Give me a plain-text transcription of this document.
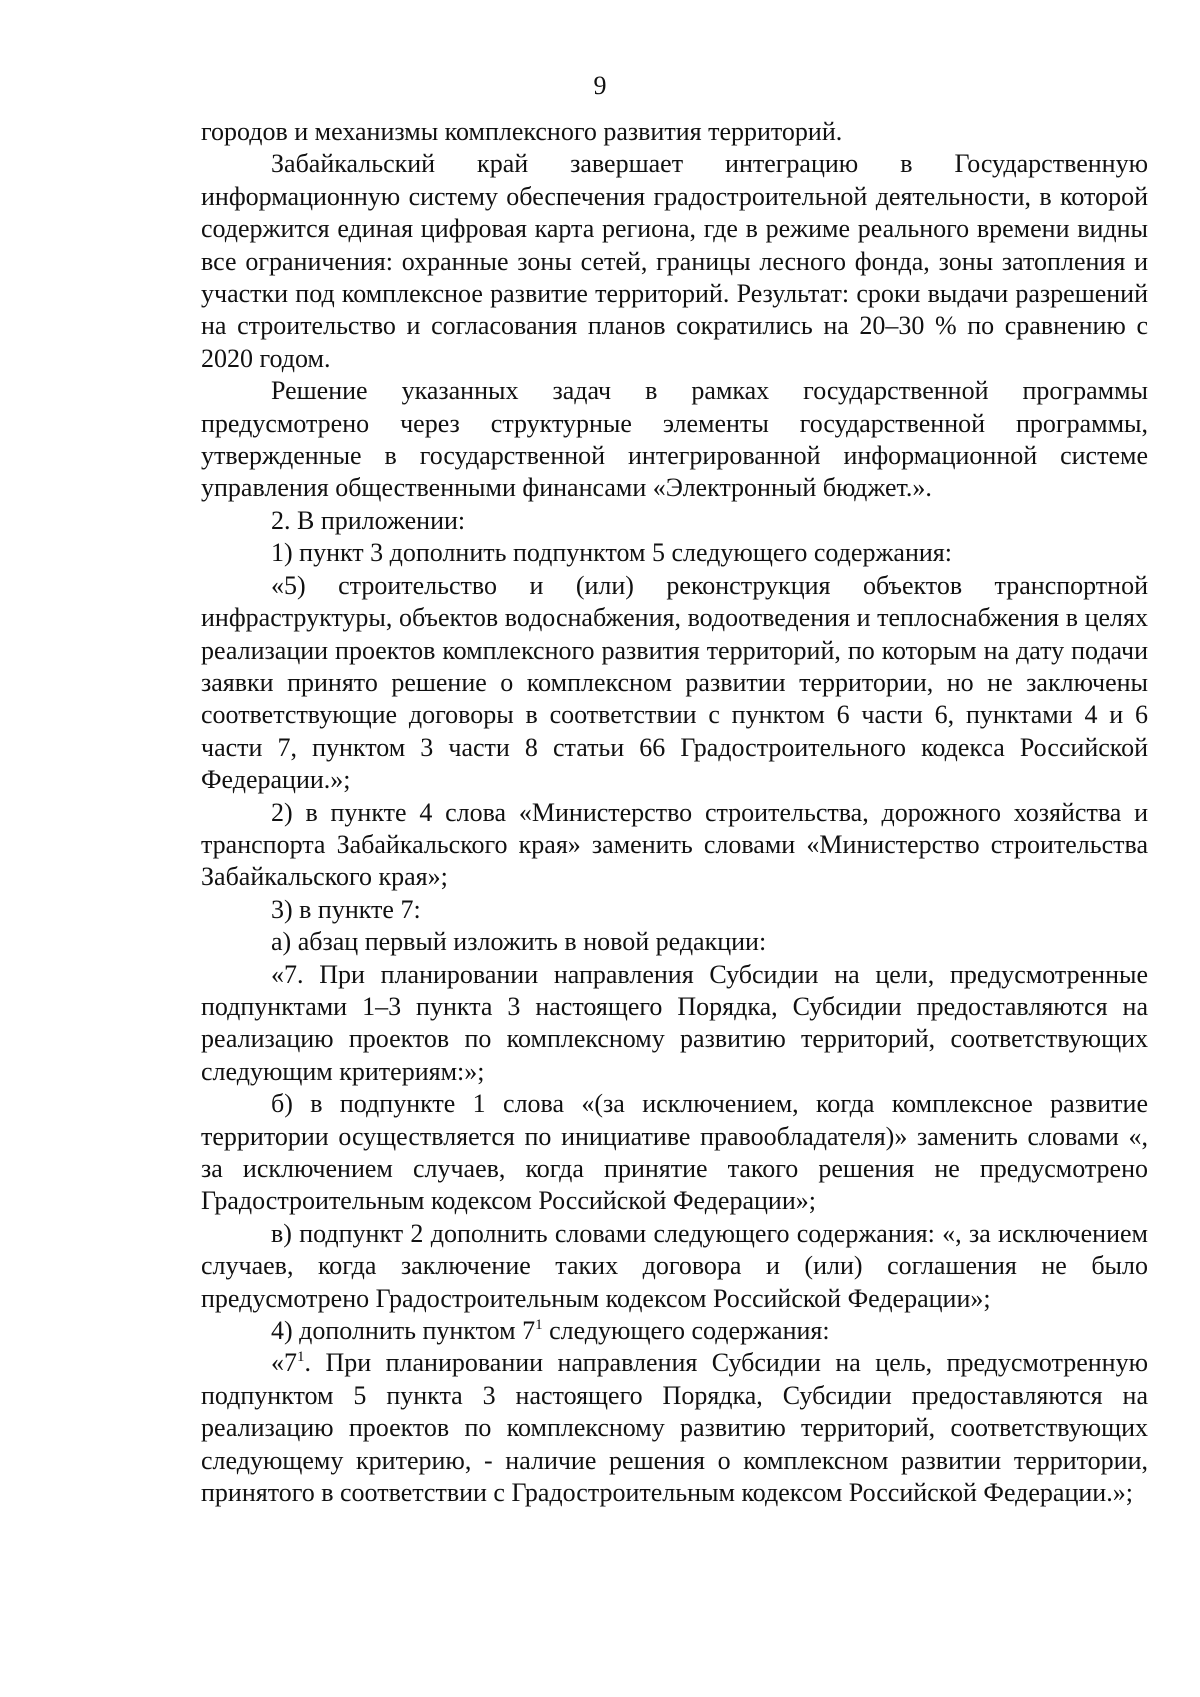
9

городов и механизмы комплексного развития территорий.

Забайкальский край завершает интеграцию в Государственную информационную систему обеспечения градостроительной деятельности, в которой содержится единая цифровая карта региона, где в режиме реального времени видны все ограничения: охранные зоны сетей, границы лесного фонда, зоны затопления и участки под комплексное развитие территорий. Результат: сроки выдачи разрешений на строительство и согласования планов сократились на 20–30 % по сравнению с 2020 годом.

Решение указанных задач в рамках государственной программы предусмотрено через структурные элементы государственной программы, утвержденные в государственной интегрированной информационной системе управления общественными финансами «Электронный бюджет.».

2. В приложении:

1) пункт 3 дополнить подпунктом 5 следующего содержания:

«5) строительство и (или) реконструкция объектов транспортной инфраструктуры, объектов водоснабжения, водоотведения и теплоснабжения в целях реализации проектов комплексного развития территорий, по которым на дату подачи заявки принято решение о комплексном развитии территории, но не заключены соответствующие договоры в соответствии с пунктом 6 части 6, пунктами 4 и 6 части 7, пунктом 3 части 8 статьи 66 Градостроительного кодекса Российской Федерации.»;

2) в пункте 4 слова «Министерство строительства, дорожного хозяйства и транспорта Забайкальского края» заменить словами «Министерство строительства Забайкальского края»;

3) в пункте 7:

а) абзац первый изложить в новой редакции:

«7. При планировании направления Субсидии на цели, предусмотренные подпунктами 1–3 пункта 3 настоящего Порядка, Субсидии предоставляются на реализацию проектов по комплексному развитию территорий, соответствующих следующим критериям:»;

б) в подпункте 1 слова «(за исключением, когда комплексное развитие территории осуществляется по инициативе правообладателя)» заменить словами «, за исключением случаев, когда принятие такого решения не предусмотрено Градостроительным кодексом Российской Федерации»;

в) подпункт 2 дополнить словами следующего содержания: «, за исключением случаев, когда заключение таких договора и (или) соглашения не было предусмотрено Градостроительным кодексом Российской Федерации»;

4) дополнить пунктом $7^1$ следующего содержания:

«$7^1$. При планировании направления Субсидии на цель, предусмотренную подпунктом 5 пункта 3 настоящего Порядка, Субсидии предоставляются на реализацию проектов по комплексному развитию территорий, соответствующих следующему критерию, - наличие решения о комплексном развитии территории, принятого в соответствии с Градостроительным кодексом Российской Федерации.»;
